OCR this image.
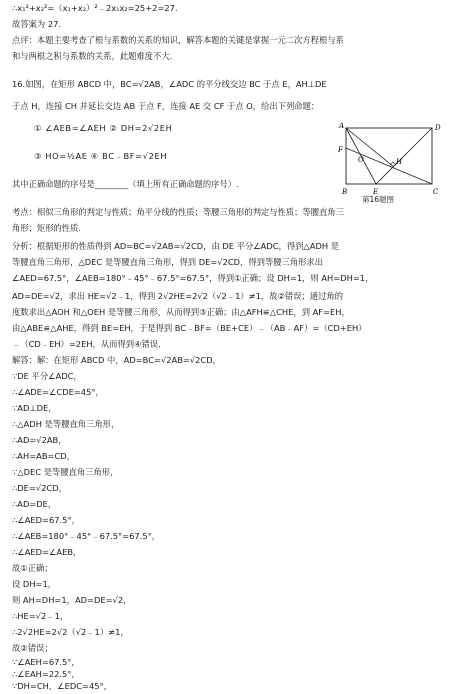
∴x₁²+x₂²=（x₁+x₂）²﹣2x₁x₂=25+2=27.
故答案为 27.
点评：本题主要考查了根与系数的关系的知识，解答本题的关键是掌握一元二次方程根与系
和与两根之积与系数的关系，此题难度不大.
16.如图，在矩形 ABCD 中，BC=√2AB，∠ADC 的平分线交边 BC 于点 E，AH⊥DE
于点 H，连接 CH 并延长交边 AB 于点 F，连接 AE 交 CF 于点 O，给出下列命题：
① ∠AEB=∠AEH ② DH=2√2EH
③ HO=½AE ④ BC﹣BF=√2EH
其中正确命题的序号是________（填上所有正确命题的序号）.
A	D
F
O	H
B	E	C
第16题图
考点：相似三角形的判定与性质；角平分线的性质；等腰三角形的判定与性质；等腰直角三
角形；矩形的性质.
分析：根据矩形的性质得到 AD=BC=√2AB=√2CD，由 DE 平分∠ADC，得到△ADH 是
等腰直角三角形，△DEC 是等腰直角三角形，得到 DE=√2CD，得到等腰三角形求出
∠AED=67.5°，∠AEB=180°﹣45°﹣67.5°=67.5°，得到①正确；设 DH=1，则 AH=DH=1，
AD=DE=√2，求出 HE=√2﹣1，得到 2√2HE=2√2（√2﹣1）≠1，故②错误；通过角的
度数求出△AOH 和△OEH 是等腰三角形，从而得到③正确；由△AFH≌△CHE，到 AF=EH，
由△ABE≌△AHE，得到 BE=EH，于是得到 BC﹣BF=（BE+CE）﹣（AB﹣AF）=（CD+EH）
﹣（CD﹣EH）=2EH，从而得到④错误.
解答：解：在矩形 ABCD 中，AD=BC=√2AB=√2CD，
∵DE 平分∠ADC，
∴∠ADE=∠CDE=45°，
∵AD⊥DE，
∴△ADH 是等腰直角三角形，
∴AD=√2AB，
∴AH=AB=CD，
∵△DEC 是等腰直角三角形，
∴DE=√2CD，
∴AD=DE，
∴∠AED=67.5°，
∴∠AEB=180°﹣45°﹣67.5°=67.5°，
∴∠AED=∠AEB，
故①正确；
设 DH=1，
则 AH=DH=1，AD=DE=√2，
∴HE=√2﹣1，
∴2√2HE=2√2（√2﹣1）≠1，
故②错误；
∵∠AEH=67.5°，
∴∠EAH=22.5°，
∵DH=CH，∠EDC=45°，
